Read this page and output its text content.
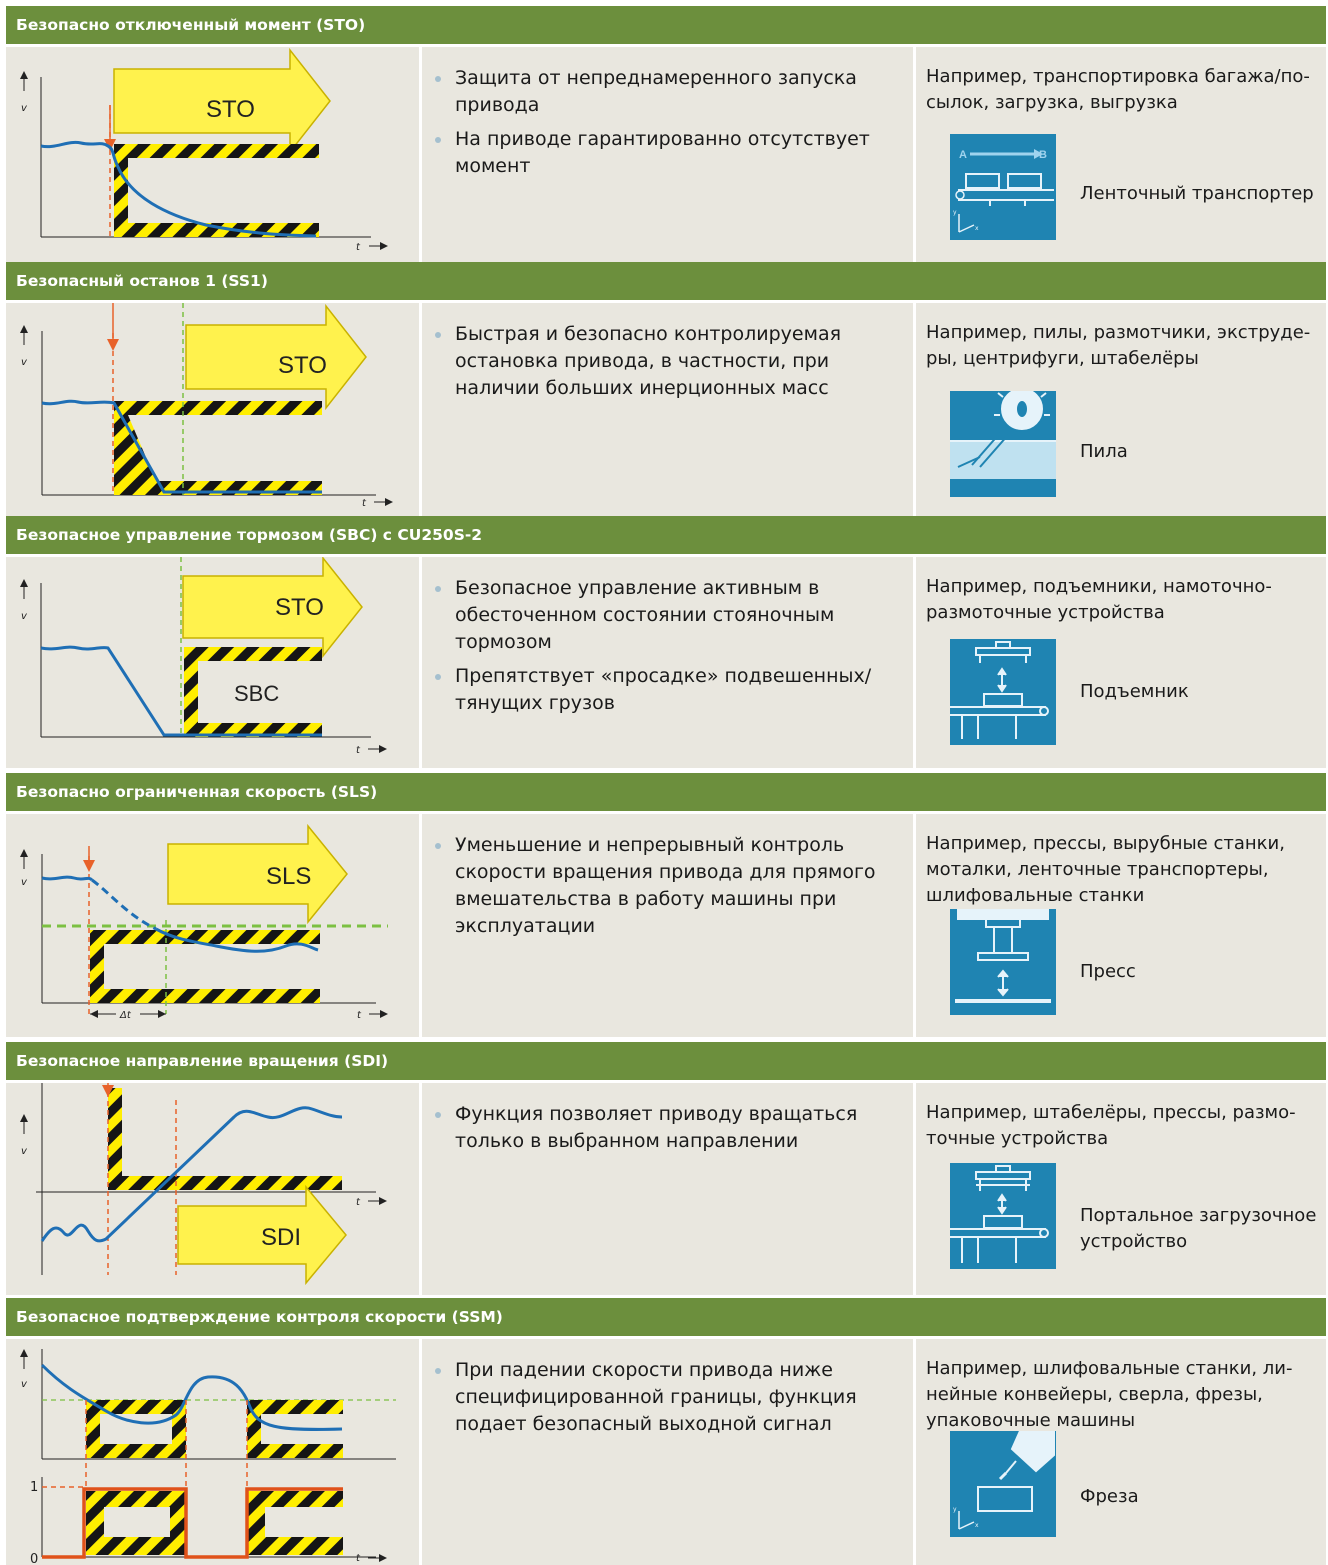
Безопасно отключенный момент (STO)
v
t
STO
Защита от непреднамеренного запуска привода
На приводе гарантированно отсутствует момент
Например, транспортировка багажа/по-сылок, загрузка, выгрузка
A	B
y
x
Ленточный транспортер
Безопасный останов 1 (SS1)
v
t
STO
Быстрая и безопасно контролируемая остановка привода, в частности, при наличии больших инерционных масс
Например, пилы, размотчики, экструде-ры, центрифуги, штабелёры
Пила
Безопасное управление тормозом (SBC) с CU250S-2
v
t
STO
SBC
Безопасное управление активным в обесточенном состоянии стояночным тормозом
Препятствует «просадке» подвешенных/тянущих грузов
Например, подъемники, намоточно-размоточные устройства
Подъемник
Безопасно ограниченная скорость (SLS)
v
t
SLS
Δt
Уменьшение и непрерывный контроль скорости вращения привода для прямого вмешательства в работу машины при эксплуатации
Например, прессы, вырубные станки, моталки, ленточные транспортеры, шлифовальные станки
Пресс
Безопасное направление вращения (SDI)
v
t
SDI
Функция позволяет приводу вращаться только в выбранном направлении
Например, штабелёры, прессы, размо-точные устройства
Портальное загрузочное устройство
Безопасное подтверждение контроля скорости (SSM)
v
1
0	t
При падении скорости привода ниже специфицированной границы, функция подает безопасный выходной сигнал
Например, шлифовальные станки, ли-нейные конвейеры, сверла, фрезы, упаковочные машины
y
x
Фреза
